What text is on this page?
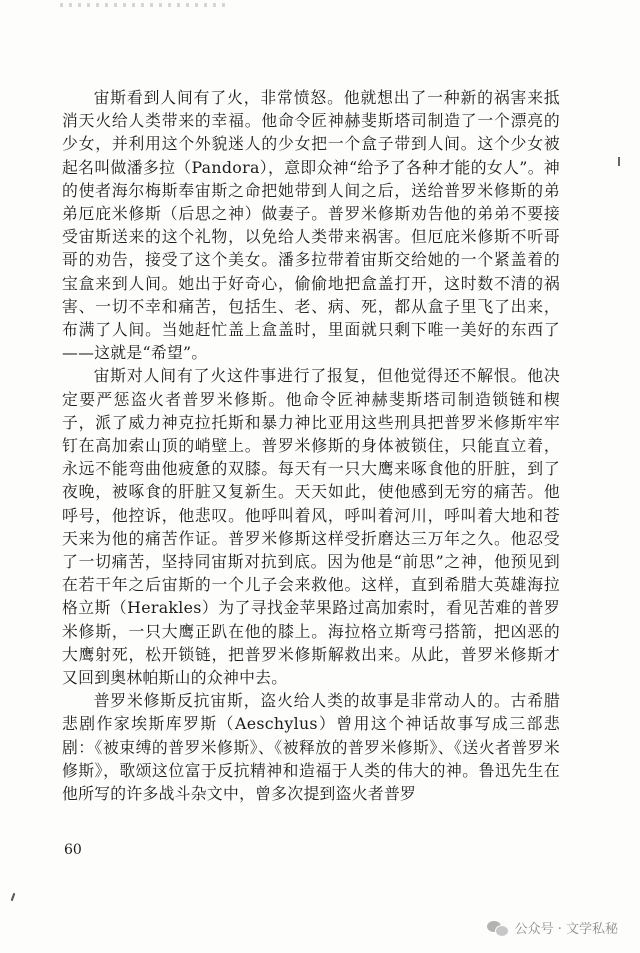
宙斯看到人间有了火，非常愤怒。他就想出了一种新的祸害来抵消天火给人类带来的幸福。他命令匠神赫斐斯塔司制造了一个漂亮的少女，并利用这个外貌迷人的少女把一个盒子带到人间。这个少女被起名叫做潘多拉（Pandora），意即众神“给予了各种才能的女人”。神的使者海尔梅斯奉宙斯之命把她带到人间之后，送给普罗米修斯的弟弟厄庇米修斯（后思之神）做妻子。普罗米修斯劝告他的弟弟不要接受宙斯送来的这个礼物，以免给人类带来祸害。但厄庇米修斯不听哥哥的劝告，接受了这个美女。潘多拉带着宙斯交给她的一个紧盖着的宝盒来到人间。她出于好奇心，偷偷地把盒盖打开，这时数不清的祸害、一切不幸和痛苦，包括生、老、病、死，都从盒子里飞了出来，布满了人间。当她赶忙盖上盒盖时，里面就只剩下唯一美好的东西了——这就是“希望”。

宙斯对人间有了火这件事进行了报复，但他觉得还不解恨。他决定要严惩盗火者普罗米修斯。他命令匠神赫斐斯塔司制造锁链和楔子，派了威力神克拉托斯和暴力神比亚用这些刑具把普罗米修斯牢牢钉在高加索山顶的峭壁上。普罗米修斯的身体被锁住，只能直立着，永远不能弯曲他疲惫的双膝。每天有一只大鹰来啄食他的肝脏，到了夜晚，被啄食的肝脏又复新生。天天如此，使他感到无穷的痛苦。他呼号，他控诉，他悲叹。他呼叫着风，呼叫着河川，呼叫着大地和苍天来为他的痛苦作证。普罗米修斯这样受折磨达三万年之久。他忍受了一切痛苦，坚持同宙斯对抗到底。因为他是“前思”之神，他预见到在若干年之后宙斯的一个儿子会来救他。这样，直到希腊大英雄海拉格立斯（Herakles）为了寻找金苹果路过高加索时，看见苦难的普罗米修斯，一只大鹰正趴在他的膝上。海拉格立斯弯弓搭箭，把凶恶的大鹰射死，松开锁链，把普罗米修斯解救出来。从此，普罗米修斯才又回到奥林帕斯山的众神中去。

普罗米修斯反抗宙斯，盗火给人类的故事是非常动人的。古希腊悲剧作家埃斯库罗斯（Aeschylus）曾用这个神话故事写成三部悲剧：《被束缚的普罗米修斯》、《被释放的普罗米修斯》、《送火者普罗米修斯》，歌颂这位富于反抗精神和造福于人类的伟大的神。鲁迅先生在他所写的许多战斗杂文中，曾多次提到盗火者普罗

60
公众号 · 文学私秘
